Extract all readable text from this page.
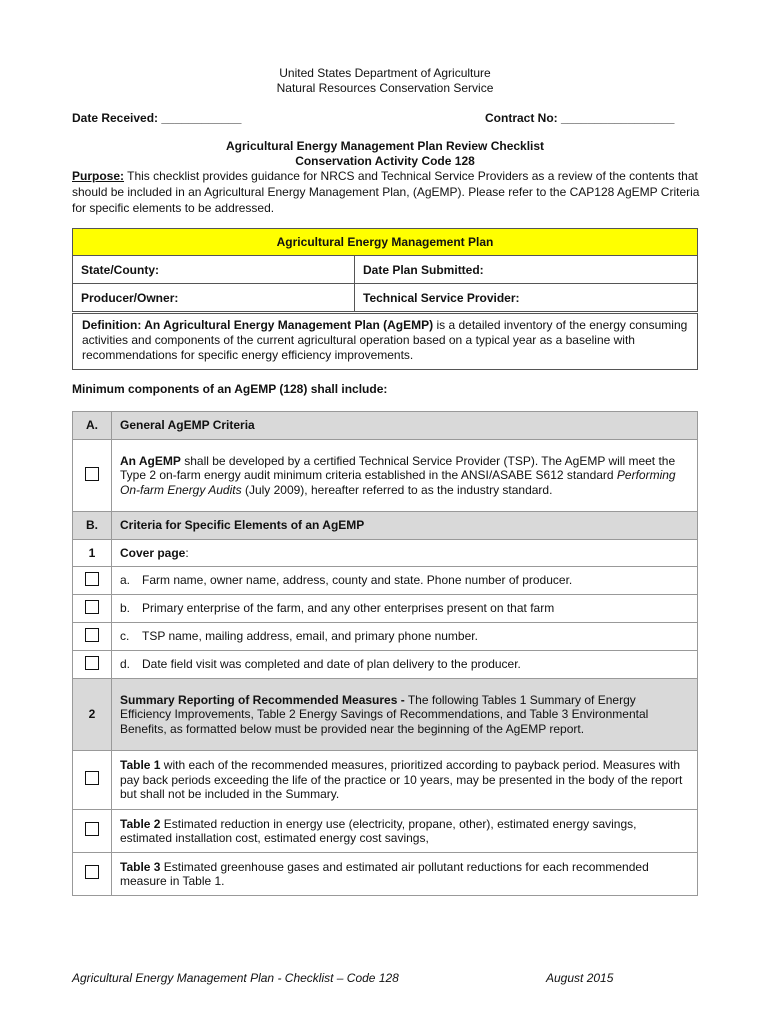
United States Department of Agriculture
Natural Resources Conservation Service
Date Received: ____________	Contract No: _________________
Agricultural Energy Management Plan Review Checklist
Conservation Activity Code 128
Purpose: This checklist provides guidance for NRCS and Technical Service Providers as a review of the contents that should be included in an Agricultural Energy Management Plan, (AgEMP). Please refer to the CAP128 AgEMP Criteria for specific elements to be addressed.
Agricultural Energy Management Plan	
State/County:	Date Plan Submitted:
Producer/Owner:	Technical Service Provider:
Definition: An Agricultural Energy Management Plan (AgEMP) is a detailed inventory of the energy consuming activities and components of the current agricultural operation based on a typical year as a baseline with recommendations for specific energy efficiency improvements.
Minimum components of an AgEMP (128) shall include:
A.	General AgEMP Criteria
	An AgEMP shall be developed by a certified Technical Service Provider (TSP). The AgEMP will meet the Type 2 on-farm energy audit minimum criteria established in the ANSI/ASABE S612 standard Performing On-farm Energy Audits (July 2009), hereafter referred to as the industry standard.
B.	Criteria for Specific Elements of an AgEMP
1	Cover page:
	a. Farm name, owner name, address, county and state. Phone number of producer.
	b. Primary enterprise of the farm, and any other enterprises present on that farm
	c. TSP name, mailing address, email, and primary phone number.
	d. Date field visit was completed and date of plan delivery to the producer.
2	Summary Reporting of Recommended Measures - The following Tables 1 Summary of Energy Efficiency Improvements, Table 2 Energy Savings of Recommendations, and Table 3 Environmental Benefits, as formatted below must be provided near the beginning of the AgEMP report.
	Table 1 with each of the recommended measures, prioritized according to payback period. Measures with pay back periods exceeding the life of the practice or 10 years, may be presented in the body of the report but shall not be included in the Summary.
	Table 2 Estimated reduction in energy use (electricity, propane, other), estimated energy savings, estimated installation cost, estimated energy cost savings,
	Table 3 Estimated greenhouse gases and estimated air pollutant reductions for each recommended measure in Table 1.
Agricultural Energy Management Plan - Checklist – Code 128	August 2015
